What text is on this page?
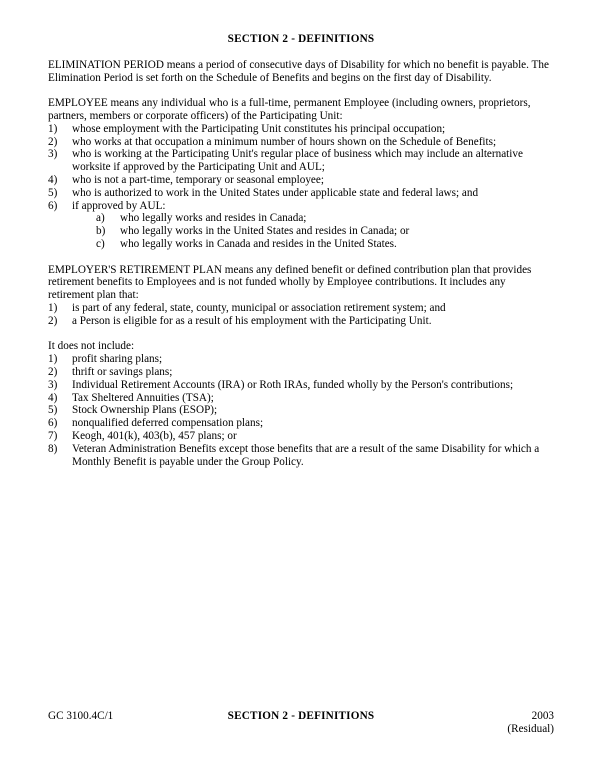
SECTION 2 - DEFINITIONS

ELIMINATION PERIOD means a period of consecutive days of Disability for which no benefit is payable. The Elimination Period is set forth on the Schedule of Benefits and begins on the first day of Disability.

EMPLOYEE means any individual who is a full-time, permanent Employee (including owners, proprietors, partners, members or corporate officers) of the Participating Unit:

1)	whose employment with the Participating Unit constitutes his principal occupation;
2)	who works at that occupation a minimum number of hours shown on the Schedule of Benefits;
3)	who is working at the Participating Unit's regular place of business which may include an alternative worksite if approved by the Participating Unit and AUL;
4)	who is not a part-time, temporary or seasonal employee;
5)	who is authorized to work in the United States under applicable state and federal laws; and
6)	if approved by AUL:
a)	who legally works and resides in Canada;
b)	who legally works in the United States and resides in Canada; or
c)	who legally works in Canada and resides in the United States.

EMPLOYER'S RETIREMENT PLAN means any defined benefit or defined contribution plan that provides retirement benefits to Employees and is not funded wholly by Employee contributions. It includes any retirement plan that:

1)	is part of any federal, state, county, municipal or association retirement system; and
2)	a Person is eligible for as a result of his employment with the Participating Unit.

It does not include:

1)	profit sharing plans;
2)	thrift or savings plans;
3)	Individual Retirement Accounts (IRA) or Roth IRAs, funded wholly by the Person's contributions;
4)	Tax Sheltered Annuities (TSA);
5)	Stock Ownership Plans (ESOP);
6)	nonqualified deferred compensation plans;
7)	Keogh, 401(k), 403(b), 457 plans; or
8)	Veteran Administration Benefits except those benefits that are a result of the same Disability for which a Monthly Benefit is payable under the Group Policy.
GC 3100.4C/1	SECTION 2 - DEFINITIONS	2003
(Residual)
